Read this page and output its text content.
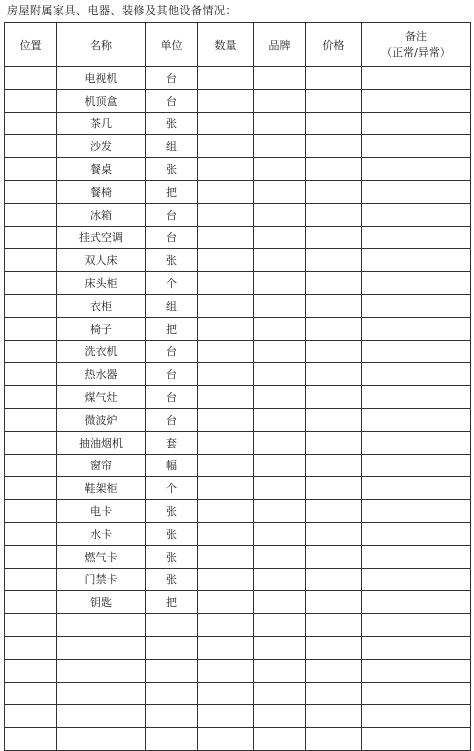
房屋附属家具、电器、装修及其他设备情况：
位置	名称	单位	数量	品牌	价格	备注
（正常/异常）

	电视机	台				
	机顶盒	台				
	茶几	张				
	沙发	组				
	餐桌	张				
	餐椅	把				
	冰箱	台				
	挂式空调	台				
	双人床	张				
	床头柜	个				
	衣柜	组				
	椅子	把				
	洗衣机	台				
	热水器	台				
	煤气灶	台				
	微波炉	台				
	抽油烟机	套				
	窗帘	幅				
	鞋架柜	个				
	电卡	张				
	水卡	张				
	燃气卡	张				
	门禁卡	张				
	钥匙	把				
